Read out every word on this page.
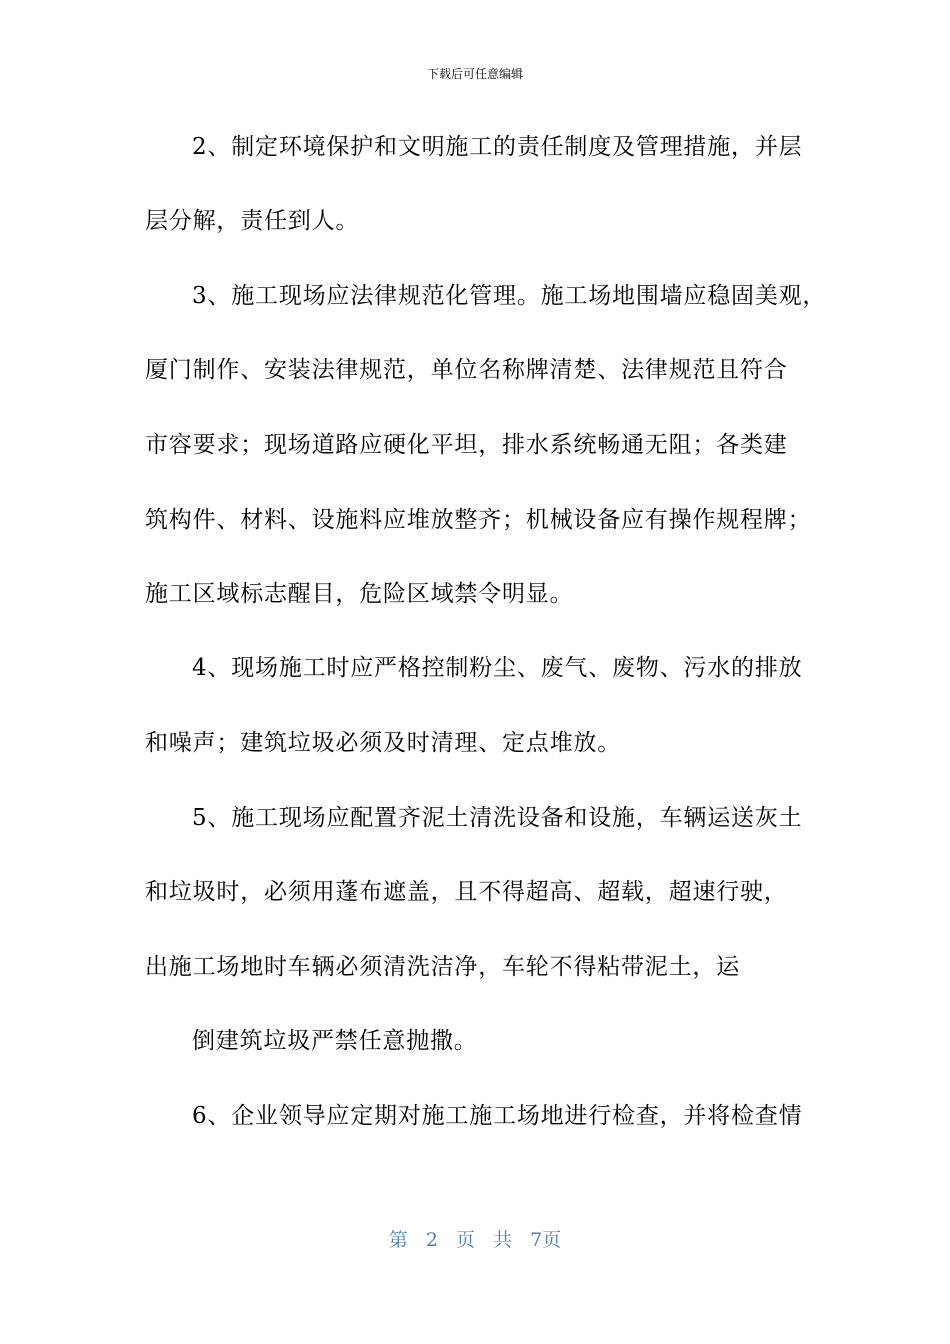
下载后可任意编辑
2、制定环境保护和文明施工的责任制度及管理措施，并层
层分解，责任到人。
3、施工现场应法律规范化管理。施工场地围墙应稳固美观，
厦门制作、安装法律规范，单位名称牌清楚、法律规范且符合
市容要求；现场道路应硬化平坦，排水系统畅通无阻；各类建
筑构件、材料、设施料应堆放整齐；机械设备应有操作规程牌；
施工区域标志醒目，危险区域禁令明显。
4、现场施工时应严格控制粉尘、废气、废物、污水的排放
和噪声；建筑垃圾必须及时清理、定点堆放。
5、施工现场应配置齐泥土清洗设备和设施，车辆运送灰土
和垃圾时，必须用蓬布遮盖，且不得超高、超载，超速行驶，
出施工场地时车辆必须清洗洁净，车轮不得粘带泥土，运
倒建筑垃圾严禁任意抛撒。
6、企业领导应定期对施工施工场地进行检查，并将检查情
第 2 页 共 7页
